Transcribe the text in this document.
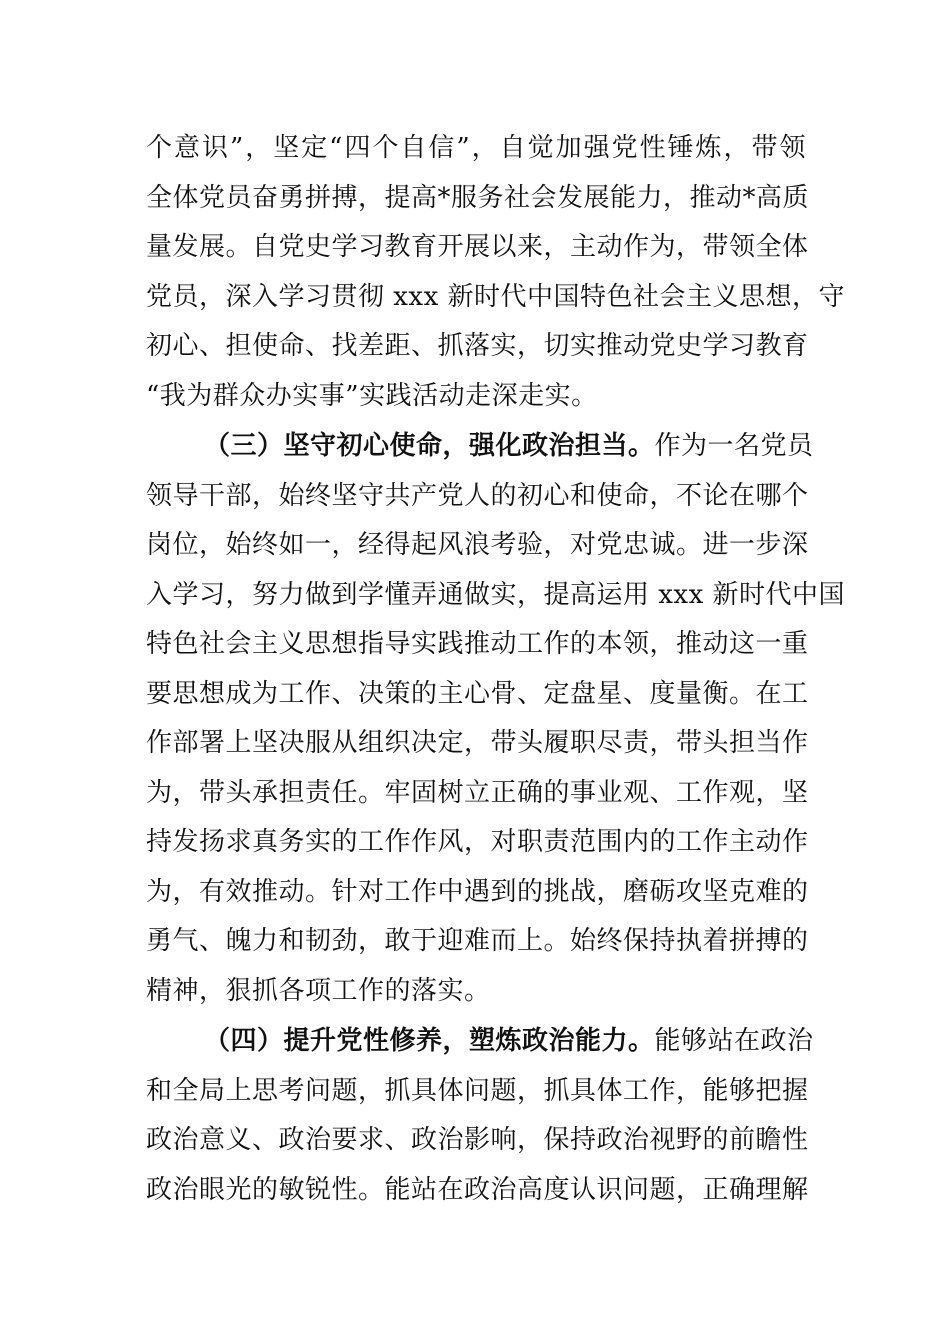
个意识”，坚定“四个自信”，自觉加强党性锤炼，带领
全体党员奋勇拼搏，提高*服务社会发展能力，推动*高质
量发展。自党史学习教育开展以来，主动作为，带领全体
党员，深入学习贯彻 xxx 新时代中国特色社会主义思想，守
初心、担使命、找差距、抓落实，切实推动党史学习教育
“我为群众办实事”实践活动走深走实。
（三）坚守初心使命，强化政治担当。作为一名党员
领导干部，始终坚守共产党人的初心和使命，不论在哪个
岗位，始终如一，经得起风浪考验，对党忠诚。进一步深
入学习，努力做到学懂弄通做实，提高运用 xxx 新时代中国
特色社会主义思想指导实践推动工作的本领，推动这一重
要思想成为工作、决策的主心骨、定盘星、度量衡。在工
作部署上坚决服从组织决定，带头履职尽责，带头担当作
为，带头承担责任。牢固树立正确的事业观、工作观，坚
持发扬求真务实的工作作风，对职责范围内的工作主动作
为，有效推动。针对工作中遇到的挑战，磨砺攻坚克难的
勇气、魄力和韧劲，敢于迎难而上。始终保持执着拼搏的
精神，狠抓各项工作的落实。
（四）提升党性修养，塑炼政治能力。能够站在政治
和全局上思考问题，抓具体问题，抓具体工作，能够把握
政治意义、政治要求、政治影响，保持政治视野的前瞻性
政治眼光的敏锐性。能站在政治高度认识问题，正确理解
